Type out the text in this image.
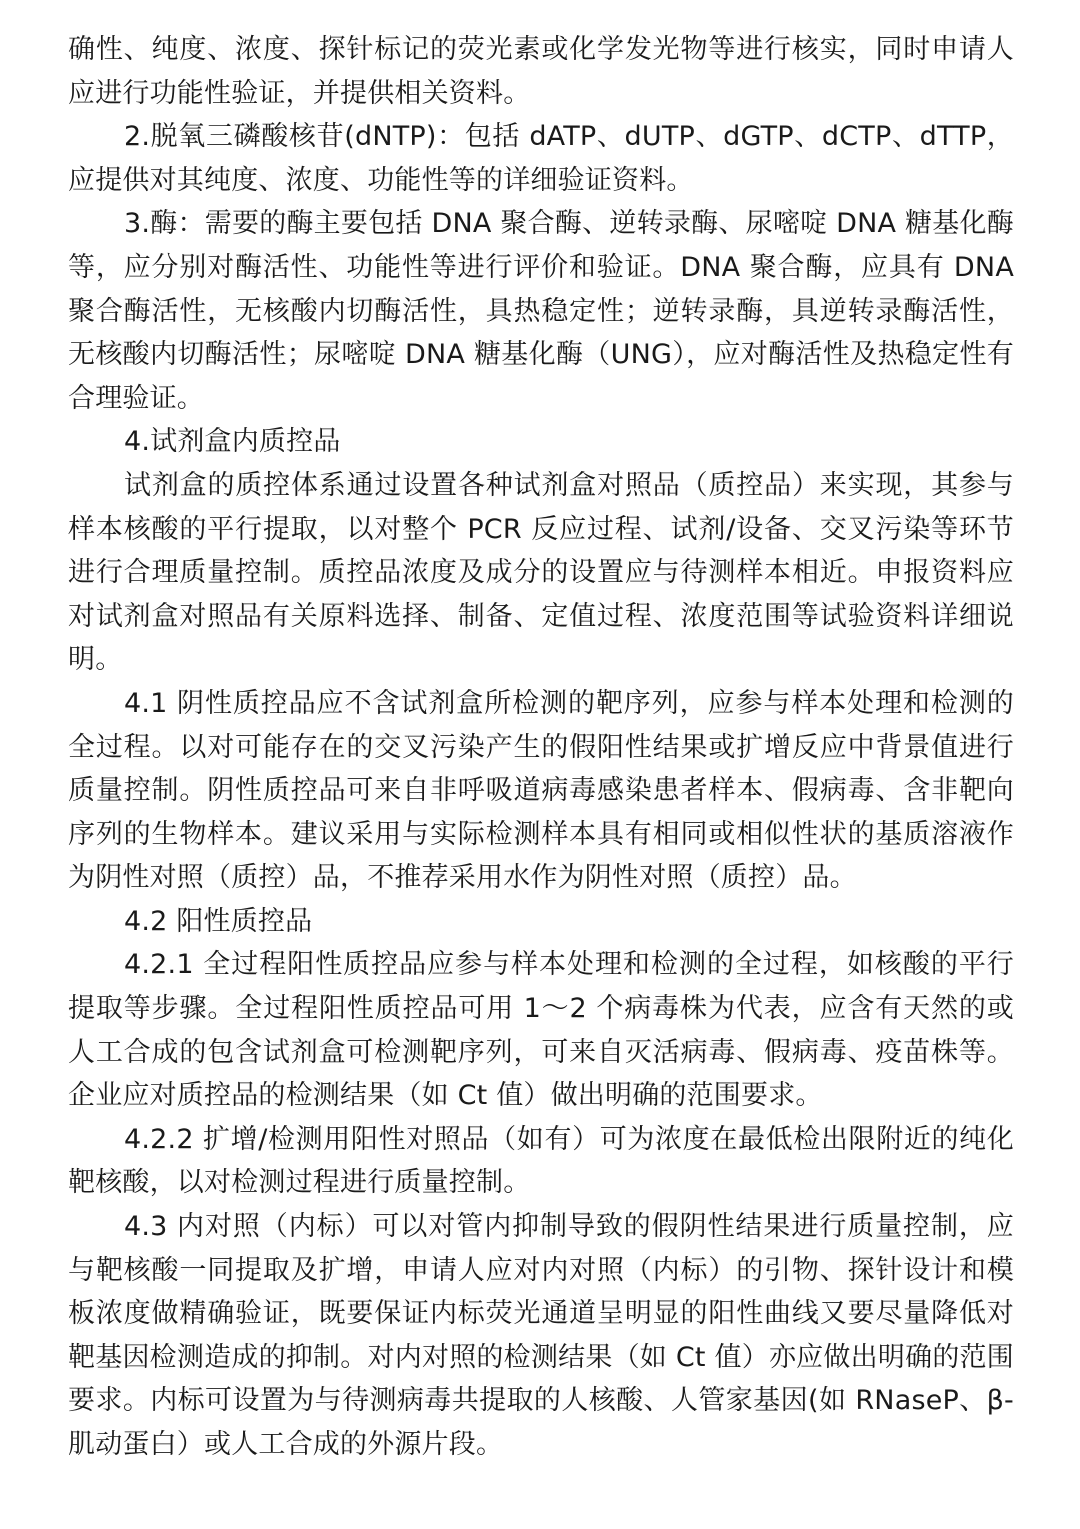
确性、纯度、浓度、探针标记的荧光素或化学发光物等进行核实，同时申请人应进行功能性验证，并提供相关资料。

2.脱氧三磷酸核苷(dNTP)：包括 dATP、dUTP、dGTP、dCTP、dTTP，应提供对其纯度、浓度、功能性等的详细验证资料。

3.酶：需要的酶主要包括 DNA 聚合酶、逆转录酶、尿嘧啶 DNA 糖基化酶等，应分别对酶活性、功能性等进行评价和验证。DNA 聚合酶，应具有 DNA 聚合酶活性，无核酸内切酶活性，具热稳定性；逆转录酶，具逆转录酶活性，无核酸内切酶活性；尿嘧啶 DNA 糖基化酶（UNG），应对酶活性及热稳定性有合理验证。

4.试剂盒内质控品

试剂盒的质控体系通过设置各种试剂盒对照品（质控品）来实现，其参与样本核酸的平行提取，以对整个 PCR 反应过程、试剂/设备、交叉污染等环节进行合理质量控制。质控品浓度及成分的设置应与待测样本相近。申报资料应对试剂盒对照品有关原料选择、制备、定值过程、浓度范围等试验资料详细说明。

4.1 阴性质控品应不含试剂盒所检测的靶序列，应参与样本处理和检测的全过程。以对可能存在的交叉污染产生的假阳性结果或扩增反应中背景值进行质量控制。阴性质控品可来自非呼吸道病毒感染患者样本、假病毒、含非靶向序列的生物样本。建议采用与实际检测样本具有相同或相似性状的基质溶液作为阴性对照（质控）品，不推荐采用水作为阴性对照（质控）品。

4.2 阳性质控品

4.2.1 全过程阳性质控品应参与样本处理和检测的全过程，如核酸的平行提取等步骤。全过程阳性质控品可用 1～2 个病毒株为代表，应含有天然的或人工合成的包含试剂盒可检测靶序列，可来自灭活病毒、假病毒、疫苗株等。企业应对质控品的检测结果（如 Ct 值）做出明确的范围要求。

4.2.2 扩增/检测用阳性对照品（如有）可为浓度在最低检出限附近的纯化靶核酸，以对检测过程进行质量控制。

4.3 内对照（内标）可以对管内抑制导致的假阴性结果进行质量控制，应与靶核酸一同提取及扩增，申请人应对内对照（内标）的引物、探针设计和模板浓度做精确验证，既要保证内标荧光通道呈明显的阳性曲线又要尽量降低对靶基因检测造成的抑制。对内对照的检测结果（如 Ct 值）亦应做出明确的范围要求。内标可设置为与待测病毒共提取的人核酸、人管家基因(如 RNaseP、β-肌动蛋白）或人工合成的外源片段。
